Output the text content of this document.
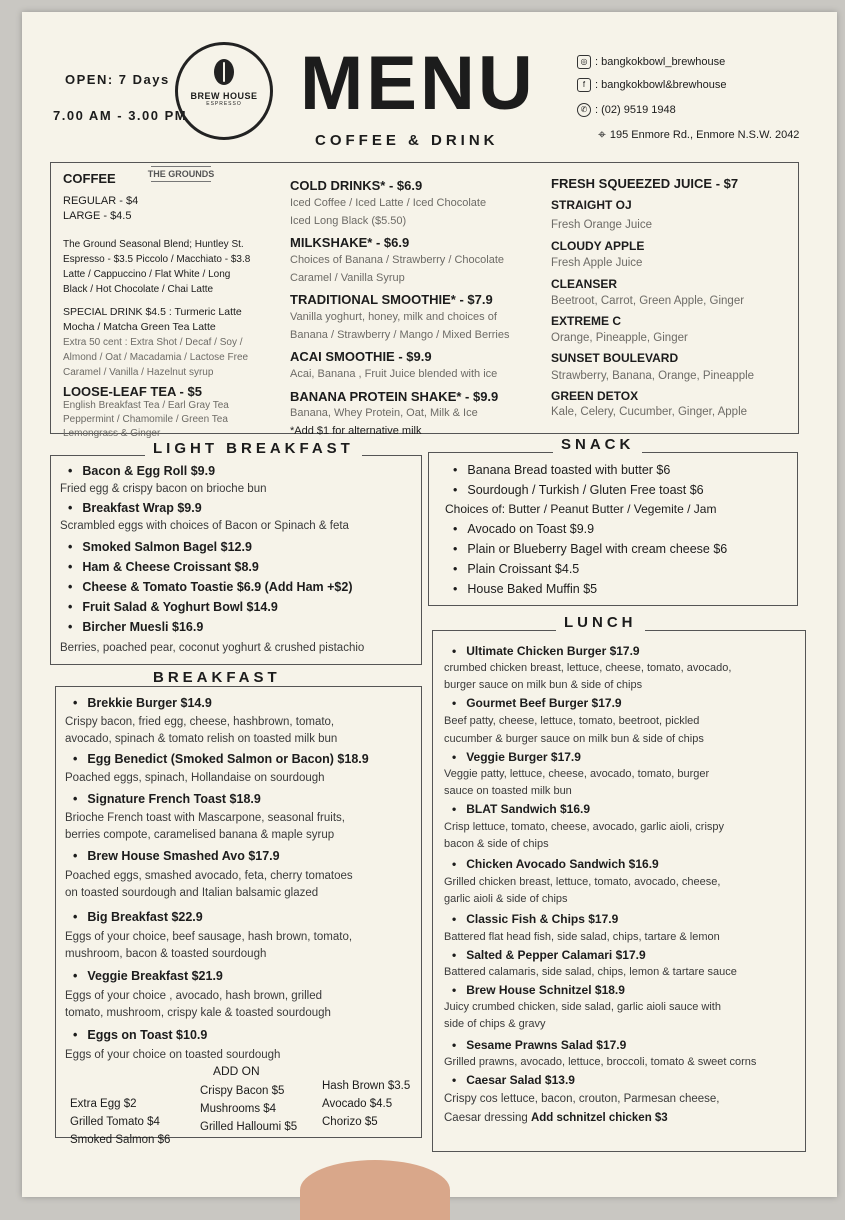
OPEN: 7 Days
7.00 AM - 3.00 PM
BREW HOUSE
ESPRESSO MENU
COFFEE & DRINK
◎ : bangkokbowl_brewhouse
f : bangkokbowl&brewhouse
✆ : (02) 9519 1948
⌖ 195 Enmore Rd., Enmore N.S.W. 2042
COFFEE
REGULAR - $4
LARGE - $4.5
The Ground Seasonal Blend; Huntley St.
Espresso - $3.5 Piccolo / Macchiato - $3.8
Latte / Cappuccino / Flat White / Long
Black / Hot Chocolate / Chai Latte
SPECIAL DRINK $4.5 : Turmeric Latte
Mocha / Matcha Green Tea Latte
Extra 50 cent : Extra Shot / Decaf / Soy /
Almond / Oat / Macadamia / Lactose Free
Caramel / Vanilla / Hazelnut syrup
LOOSE-LEAF TEA - $5
English Breakfast Tea / Earl Gray Tea
Peppermint / Chamomile / Green Tea
Lemongrass & Ginger
THE GROUNDS
COLD DRINKS* - $6.9
Iced Coffee / Iced Latte / Iced Chocolate
Iced Long Black ($5.50)
MILKSHAKE* - $6.9
Choices of Banana / Strawberry / Chocolate
Caramel / Vanilla Syrup
TRADITIONAL SMOOTHIE* - $7.9
Vanilla yoghurt, honey, milk and choices of
Banana / Strawberry / Mango / Mixed Berries
ACAI SMOOTHIE - $9.9
Acai, Banana , Fruit Juice blended with ice
BANANA PROTEIN SHAKE* - $9.9
Banana, Whey Protein, Oat, Milk & Ice
*Add $1 for alternative milk
FRESH SQUEEZED JUICE - $7
STRAIGHT OJ
Fresh Orange Juice
CLOUDY APPLE
Fresh Apple Juice
CLEANSER
Beetroot, Carrot, Green Apple, Ginger
EXTREME C
Orange, Pineapple, Ginger
SUNSET BOULEVARD
Strawberry, Banana, Orange, Pineapple
GREEN DETOX
Kale, Celery, Cucumber, Ginger, Apple
LIGHT BREAKFAST
• Bacon & Egg Roll $9.9
Fried egg & crispy bacon on brioche bun
• Breakfast Wrap $9.9
Scrambled eggs with choices of Bacon or Spinach & feta
• Smoked Salmon Bagel $12.9
• Ham & Cheese Croissant $8.9
• Cheese & Tomato Toastie $6.9 (Add Ham +$2)
• Fruit Salad & Yoghurt Bowl $14.9
• Bircher Muesli $16.9
Berries, poached pear, coconut yoghurt & crushed pistachio
SNACK
• Banana Bread toasted with butter $6
• Sourdough / Turkish / Gluten Free toast $6
Choices of: Butter / Peanut Butter / Vegemite / Jam
• Avocado on Toast $9.9
• Plain or Blueberry Bagel with cream cheese $6
• Plain Croissant $4.5
• House Baked Muffin $5
BREAKFAST
• Brekkie Burger $14.9
Crispy bacon, fried egg, cheese, hashbrown, tomato,
avocado, spinach & tomato relish on toasted milk bun
• Egg Benedict (Smoked Salmon or Bacon) $18.9
Poached eggs, spinach, Hollandaise on sourdough
• Signature French Toast $18.9
Brioche French toast with Mascarpone, seasonal fruits,
berries compote, caramelised banana & maple syrup
• Brew House Smashed Avo $17.9
Poached eggs, smashed avocado, feta, cherry tomatoes
on toasted sourdough and Italian balsamic glazed
• Big Breakfast $22.9
Eggs of your choice, beef sausage, hash brown, tomato,
mushroom, bacon & toasted sourdough
• Veggie Breakfast $21.9
Eggs of your choice , avocado, hash brown, grilled
tomato, mushroom, crispy kale & toasted sourdough
• Eggs on Toast $10.9
Eggs of your choice on toasted sourdough
ADD ON
Extra Egg $2
Grilled Tomato $4
Smoked Salmon $6
Crispy Bacon $5
Mushrooms $4
Grilled Halloumi $5
Hash Brown $3.5
Avocado $4.5
Chorizo $5
LUNCH
• Ultimate Chicken Burger $17.9
crumbed chicken breast, lettuce, cheese, tomato, avocado,
burger sauce on milk bun & side of chips
• Gourmet Beef Burger $17.9
Beef patty, cheese, lettuce, tomato, beetroot, pickled
cucumber & burger sauce on milk bun & side of chips
• Veggie Burger $17.9
Veggie patty, lettuce, cheese, avocado, tomato, burger
sauce on toasted milk bun
• BLAT Sandwich $16.9
Crisp lettuce, tomato, cheese, avocado, garlic aioli, crispy
bacon & side of chips
• Chicken Avocado Sandwich $16.9
Grilled chicken breast, lettuce, tomato, avocado, cheese,
garlic aioli & side of chips
• Classic Fish & Chips $17.9
Battered flat head fish, side salad, chips, tartare & lemon
• Salted & Pepper Calamari $17.9
Battered calamaris, side salad, chips, lemon & tartare sauce
• Brew House Schnitzel $18.9
Juicy crumbed chicken, side salad, garlic aioli sauce with
side of chips & gravy
• Sesame Prawns Salad $17.9
Grilled prawns, avocado, lettuce, broccoli, tomato & sweet corns
• Caesar Salad $13.9
Crispy cos lettuce, bacon, crouton, Parmesan cheese,
Caesar dressing Add schnitzel chicken $3
